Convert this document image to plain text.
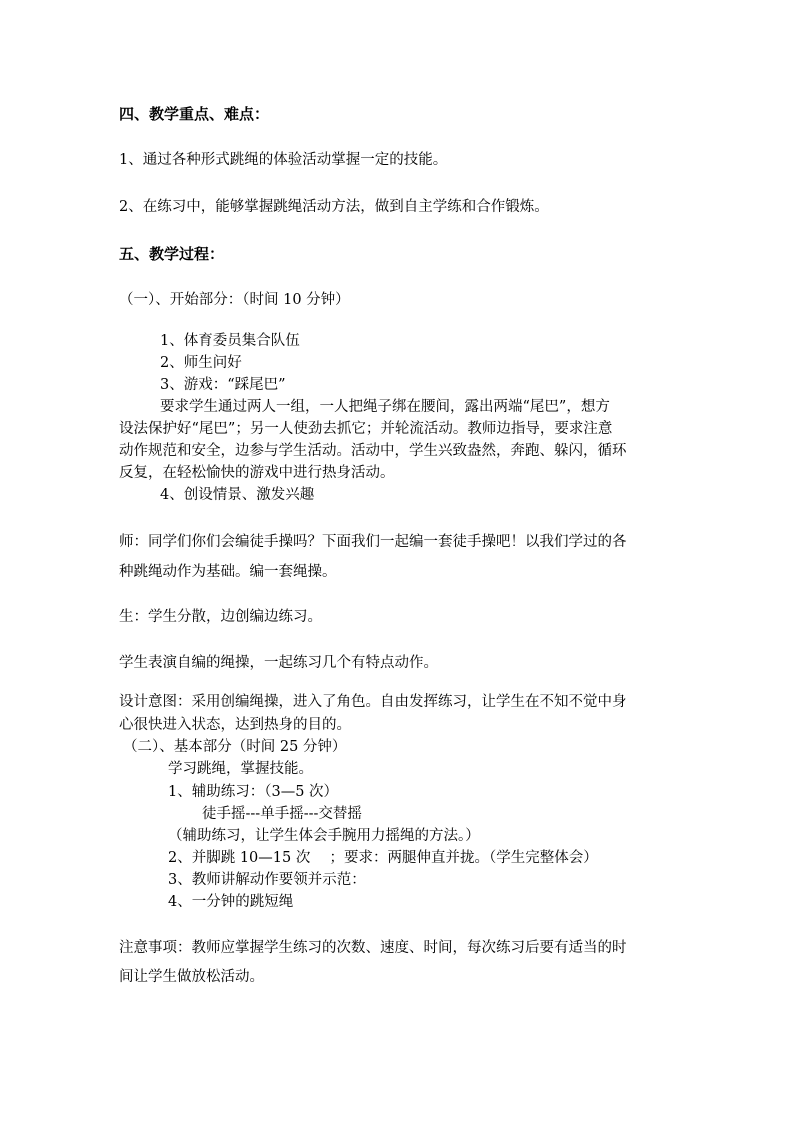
四、教学重点、难点：
1、通过各种形式跳绳的体验活动掌握一定的技能。
2、在练习中，能够掌握跳绳活动方法，做到自主学练和合作锻炼。
五、教学过程：
（一）、开始部分：（时间 10 分钟）
1、体育委员集合队伍
2、师生问好
3、游戏：“踩尾巴”
要求学生通过两人一组，一人把绳子绑在腰间，露出两端“尾巴”，想方
设法保护好“尾巴”；另一人使劲去抓它；并轮流活动。教师边指导，要求注意
动作规范和安全，边参与学生活动。活动中，学生兴致盎然，奔跑、躲闪，循环
反复，在轻松愉快的游戏中进行热身活动。
4、创设情景、激发兴趣
师：同学们你们会编徒手操吗？下面我们一起编一套徒手操吧！以我们学过的各
种跳绳动作为基础。编一套绳操。
生：学生分散，边创编边练习。
学生表演自编的绳操，一起练习几个有特点动作。
设计意图：采用创编绳操，进入了角色。自由发挥练习，让学生在不知不觉中身
心很快进入状态，达到热身的目的。
（二）、基本部分（时间 25 分钟）
学习跳绳，掌握技能。
1、辅助练习：（3—5 次）
徒手摇---单手摇---交替摇
（辅助练习，让学生体会手腕用力摇绳的方法。）
2、并脚跳 10—15 次　 ；要求：两腿伸直并拢。（学生完整体会）
3、教师讲解动作要领并示范：
4、一分钟的跳短绳
注意事项：教师应掌握学生练习的次数、速度、时间，每次练习后要有适当的时
间让学生做放松活动。
